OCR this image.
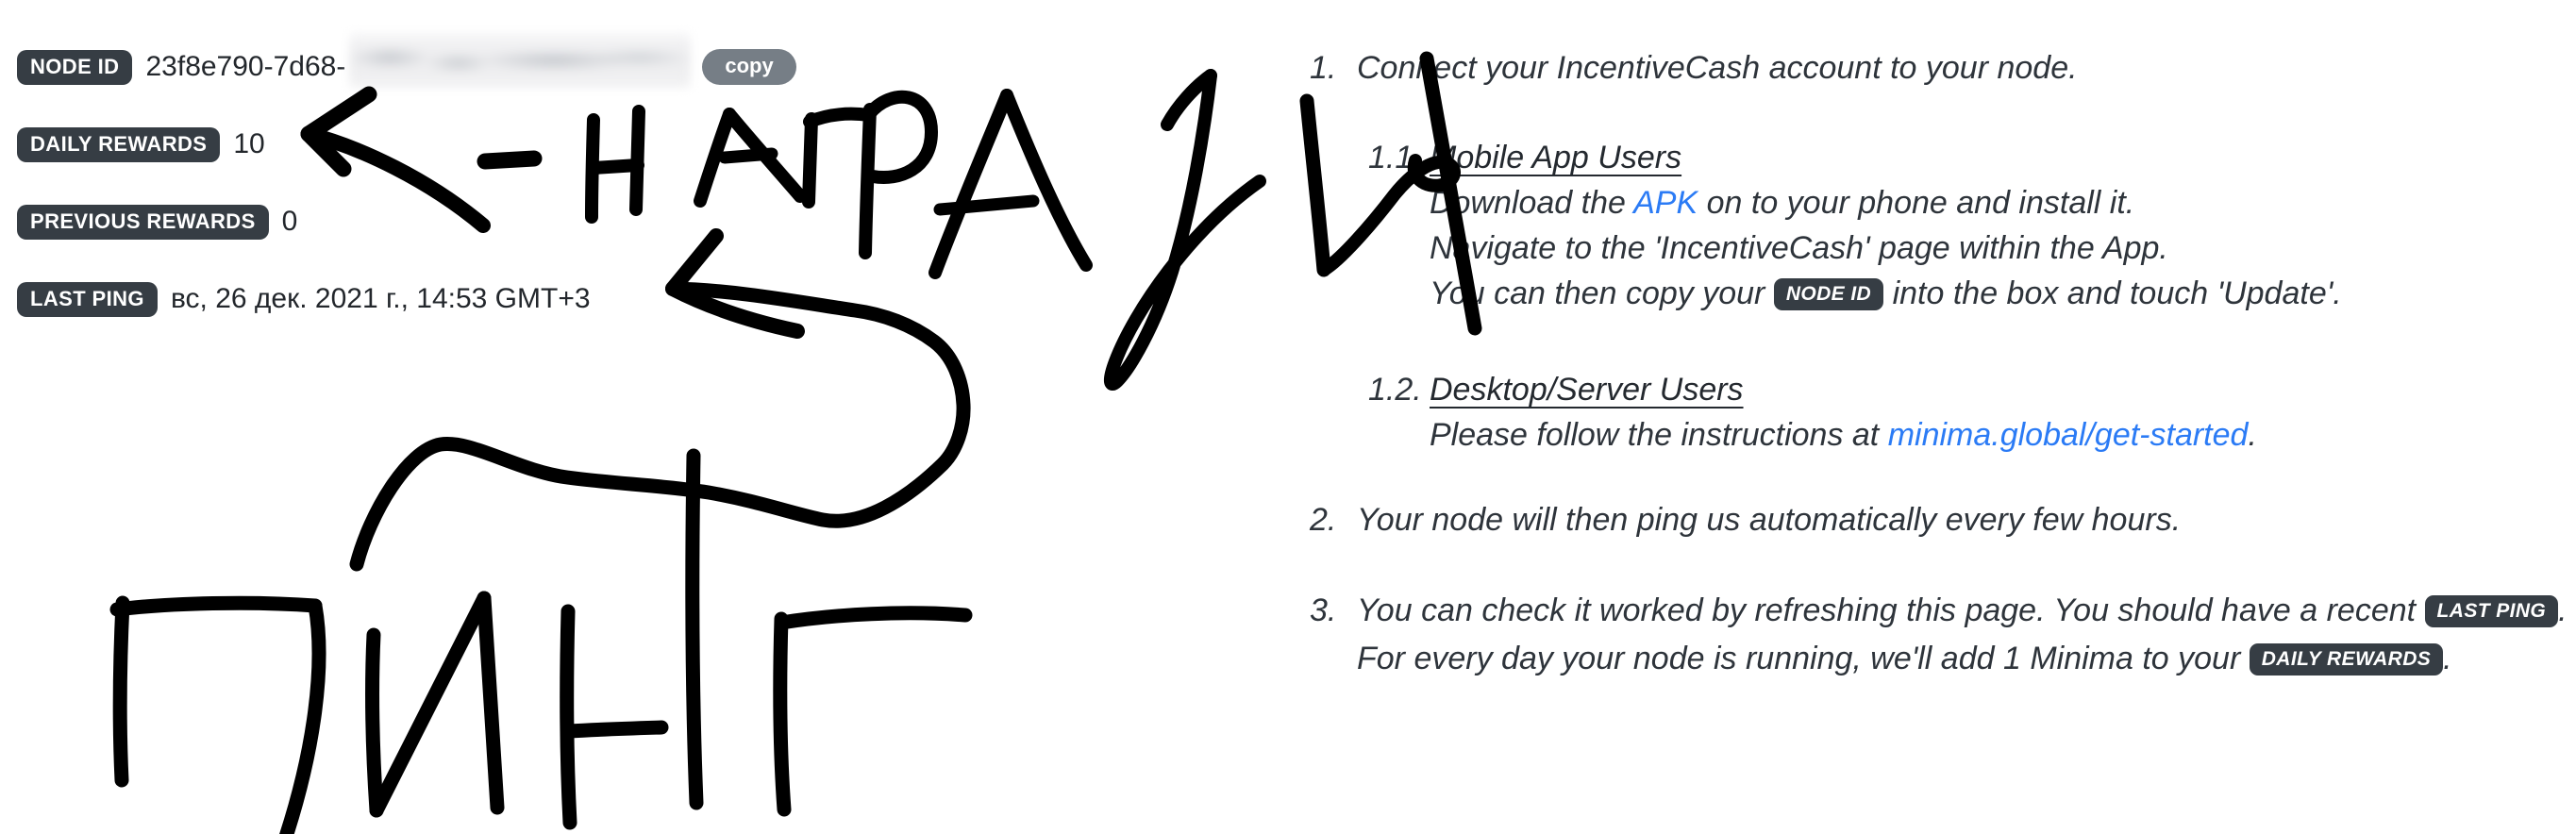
NODE ID 23f8e790-7d68-	copy
DAILY REWARDS 10
PREVIOUS REWARDS 0
LAST PING вс, 26 дек. 2021 г., 14:53 GMT+3
1. Connect your IncentiveCash account to your node.
1.1. Mobile App Users
Download the APK on to your phone and install it.
Navigate to the 'IncentiveCash' page within the App.
You can then copy your NODE ID into the box and touch 'Update'.
1.2. Desktop/Server Users
Please follow the instructions at minima.global/get-started.
2. Your node will then ping us automatically every few hours.
3. You can check it worked by refreshing this page. You should have a recent LAST PING .
For every day your node is running, we'll add 1 Minima to your DAILY REWARDS .
